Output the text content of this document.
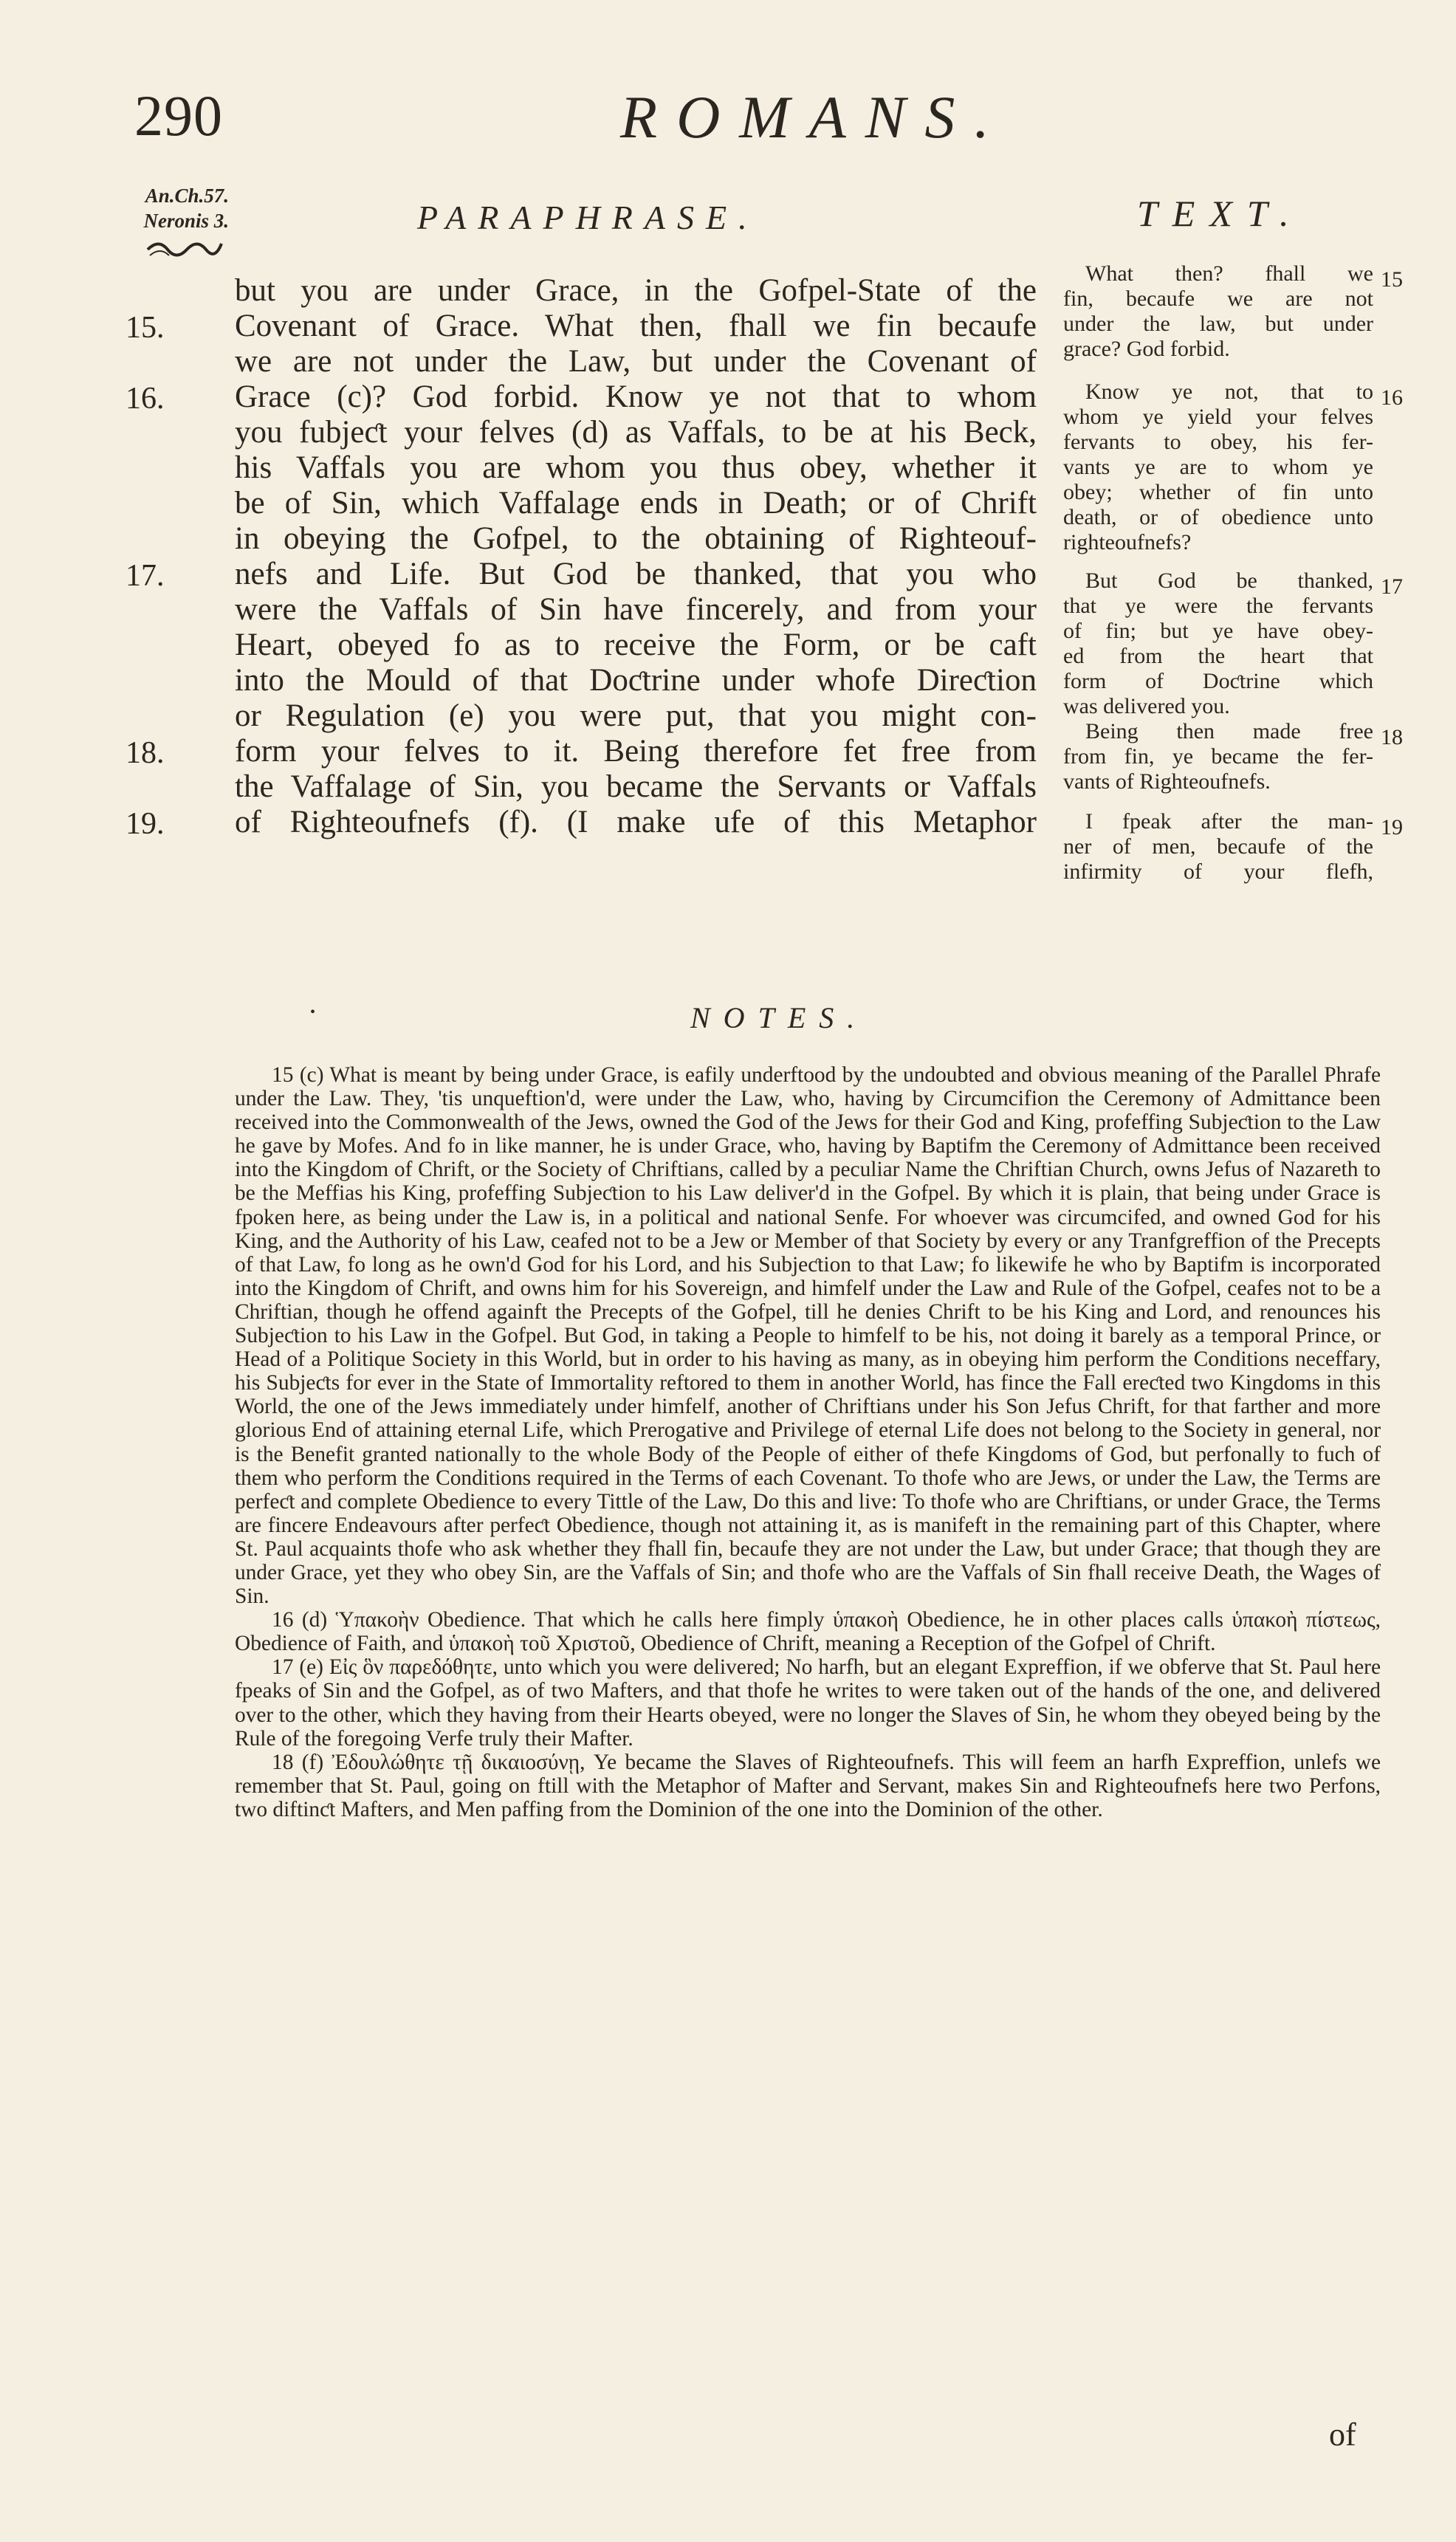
290	ROMANS.
An.Ch.57.
Neronis 3.	PARAPHRASE.	TEXT.
but you are under Grace, in the Gofpel-State of the
Covenant of Grace. What then, fhall we fin becaufe
we are not under the Law, but under the Covenant of
Grace (c)? God forbid. Know ye not that to whom
you fubjeƈt your felves (d) as Vaffals, to be at his Beck,
his Vaffals you are whom you thus obey, whether it
be of Sin, which Vaffalage ends in Death; or of Chrift
in obeying the Gofpel, to the obtaining of Righteouf-
nefs and Life. But God be thanked, that you who
were the Vaffals of Sin have fincerely, and from your
Heart, obeyed fo as to receive the Form, or be caft
into the Mould of that Doƈtrine under whofe Direƈtion
or Regulation (e) you were put, that you might con-
form your felves to it. Being therefore fet free from
the Vaffalage of Sin, you became the Servants or Vaffals
of Righteoufnefs (f). (I make ufe of this Metaphor
15.
16.
17.
18.
19.
What then? fhall we
fin, becaufe we are not
under the law, but under
grace? God forbid.
Know ye not, that to
whom ye yield your felves
fervants to obey, his fer-
vants ye are to whom ye
obey; whether of fin unto
death, or of obedience unto
righteoufnefs?
But God be thanked,
that ye were the fervants
of fin; but ye have obey-
ed from the heart that
form of Doƈtrine which
was delivered you.
Being then made free
from fin, ye became the fer-
vants of Righteoufnefs.
I fpeak after the man-
ner of men, becaufe of the
infirmity of your flefh,
15
16
17
18
19
•	NOTES.

15 (c) What is meant by being under Grace, is eafily underftood by the undoubted and obvious meaning of the Parallel Phrafe under the Law. They, 'tis unqueftion'd, were under the Law, who, having by Circumcifion the Ceremony of Admittance been received into the Commonwealth of the Jews, owned the God of the Jews for their God and King, profeffing Subjeƈtion to the Law he gave by Mofes. And fo in like manner, he is under Grace, who, having by Baptifm the Ceremony of Admittance been received into the Kingdom of Chrift, or the Society of Chriftians, called by a peculiar Name the Chriftian Church, owns Jefus of Nazareth to be the Meffias his King, profeffing Subjeƈtion to his Law deliver'd in the Gofpel. By which it is plain, that being under Grace is fpoken here, as being under the Law is, in a political and national Senfe. For whoever was circumcifed, and owned God for his King, and the Authority of his Law, ceafed not to be a Jew or Member of that Society by every or any Tranfgreffion of the Precepts of that Law, fo long as he own'd God for his Lord, and his Subjeƈtion to that Law; fo likewife he who by Baptifm is incorporated into the Kingdom of Chrift, and owns him for his Sovereign, and himfelf under the Law and Rule of the Gofpel, ceafes not to be a Chriftian, though he offend againft the Precepts of the Gofpel, till he denies Chrift to be his King and Lord, and renounces his Subjeƈtion to his Law in the Gofpel. But God, in taking a People to himfelf to be his, not doing it barely as a temporal Prince, or Head of a Politique Society in this World, but in order to his having as many, as in obeying him perform the Conditions neceffary, his Subjeƈts for ever in the State of Immortality reftored to them in another World, has fince the Fall ereƈted two Kingdoms in this World, the one of the Jews immediately under himfelf, another of Chriftians under his Son Jefus Chrift, for that farther and more glorious End of attaining eternal Life, which Prerogative and Privilege of eternal Life does not belong to the Society in general, nor is the Benefit granted nationally to the whole Body of the People of either of thefe Kingdoms of God, but perfonally to fuch of them who perform the Conditions required in the Terms of each Covenant. To thofe who are Jews, or under the Law, the Terms are perfeƈt and complete Obedience to every Tittle of the Law, Do this and live: To thofe who are Chriftians, or under Grace, the Terms are fincere Endeavours after perfeƈt Obedience, though not attaining it, as is manifeft in the remaining part of this Chapter, where St. Paul acquaints thofe who ask whether they fhall fin, becaufe they are not under the Law, but under Grace; that though they are under Grace, yet they who obey Sin, are the Vaffals of Sin; and thofe who are the Vaffals of Sin fhall receive Death, the Wages of Sin.

16 (d) Ὑπακοὴν Obedience. That which he calls here fimply ὑπακοὴ Obedience, he in other places calls ὑπακοὴ πίστεως, Obedience of Faith, and ὑπακοὴ τοῦ Χριστοῦ, Obedience of Chrift, meaning a Reception of the Gofpel of Chrift.

17 (e) Εἰς ὃν παρεδόθητε, unto which you were delivered; No harfh, but an elegant Expreffion, if we obferve that St. Paul here fpeaks of Sin and the Gofpel, as of two Mafters, and that thofe he writes to were taken out of the hands of the one, and delivered over to the other, which they having from their Hearts obeyed, were no longer the Slaves of Sin, he whom they obeyed being by the Rule of the foregoing Verfe truly their Mafter.

18 (f) Ἐδουλώθητε τῇ δικαιοσύνῃ, Ye became the Slaves of Righteoufnefs. This will feem an harfh Expreffion, unlefs we remember that St. Paul, going on ftill with the Metaphor of Mafter and Servant, makes Sin and Righteoufnefs here two Perfons, two diftinƈt Mafters, and Men paffing from the Dominion of the one into the Dominion of the other.

of
